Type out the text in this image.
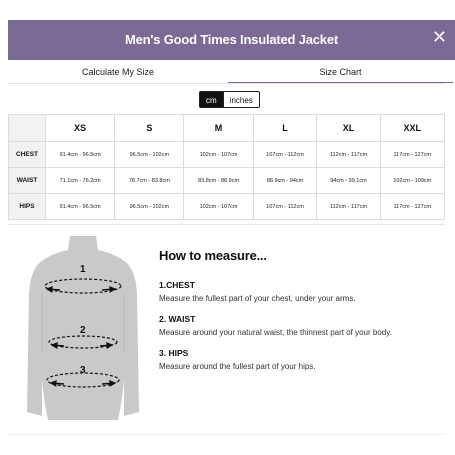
Men's Good Times Insulated Jacket	✕
Calculate My Size	Size Chart
cm	inches
	XS	S	M	L	XL	XXL
CHEST	91.4cm - 96.5cm	96.5cm - 102cm	102cm - 107cm	107cm - 112cm	112cm - 117cm	117cm - 127cm
WAIST	71.1cm - 76.2cm	78.7cm - 83.8cm	83.8cm - 88.9cm	88.9cm - 94cm	94cm - 99.1cm	102cm - 109cm
HIPS	91.4cm - 96.5cm	96.5cm - 102cm	102cm - 107cm	107cm - 112cm	112cm - 117cm	117cm - 127cm
1
2
3
How to measure...
1.CHEST
Measure the fullest part of your chest, under your arms.
2. WAIST
Measure around your natural waist, the thinnest part of your body.
3. HIPS
Measure around the fullest part of your hips.
